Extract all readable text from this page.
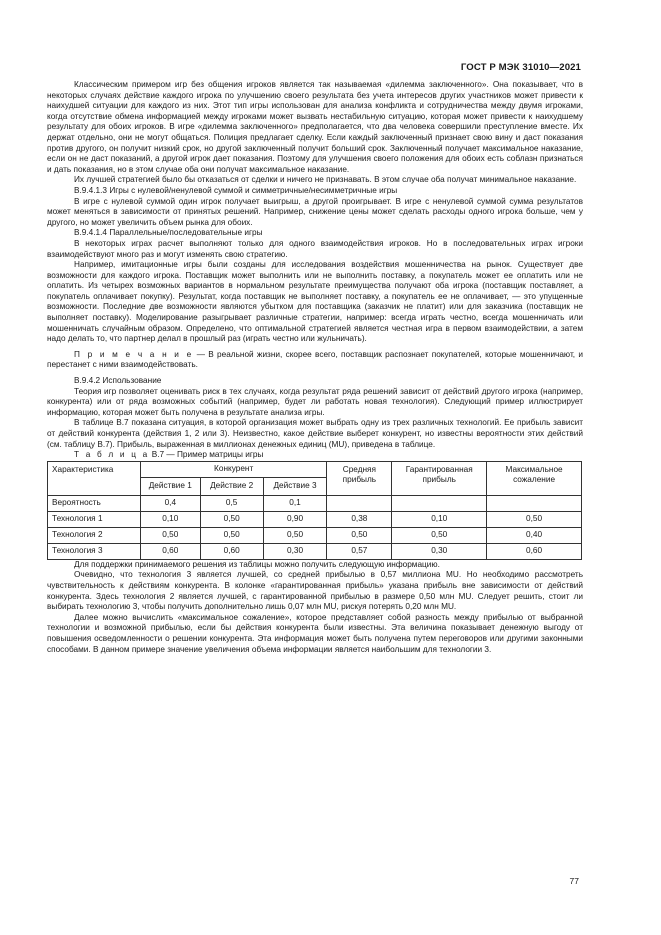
ГОСТ Р МЭК 31010—2021

Классическим примером игр без общения игроков является так называемая «дилемма заключенного». Она показывает, что в некоторых случаях действие каждого игрока по улучшению своего результата без учета интересов других участников может привести к наихудшей ситуации для каждого из них. Этот тип игры использован для анализа конфликта и сотрудничества между двумя игроками, когда отсутствие обмена информацией между игроками может вызвать нестабильную ситуацию, которая может привести к наихудшему результату для обоих игроков. В игре «дилемма заключенного» предполагается, что два человека совершили преступление вместе. Их держат отдельно, они не могут общаться. Полиция предлагает сделку. Если каждый заключенный признает свою вину и даст показания против другого, он получит низкий срок, но другой заключенный получит больший срок. Заключенный получает максимальное наказание, если он не даст показаний, а другой игрок дает показания. Поэтому для улучшения своего положения для обоих есть соблазн признаться и дать показания, но в этом случае оба они получат максимальное наказание.

Их лучшей стратегией было бы отказаться от сделки и ничего не признавать. В этом случае оба получат минимальное наказание.

B.9.4.1.3 Игры с нулевой/ненулевой суммой и симметричные/несимметричные игры

В игре с нулевой суммой один игрок получает выигрыш, а другой проигрывает. В игре с ненулевой суммой сумма результатов может меняться в зависимости от принятых решений. Например, снижение цены может сделать расходы одного игрока больше, чем у другого, но может увеличить объем рынка для обоих.

B.9.4.1.4 Параллельные/последовательные игры

В некоторых играх расчет выполняют только для одного взаимодействия игроков. Но в последовательных играх игроки взаимодействуют много раз и могут изменять свою стратегию.

Например, имитационные игры были созданы для исследования воздействия мошенничества на рынок. Существует две возможности для каждого игрока. Поставщик может выполнить или не выполнить поставку, а покупатель может ее оплатить или не оплатить. Из четырех возможных вариантов в нормальном результате преимущества получают оба игрока (поставщик поставляет, а покупатель оплачивает покупку). Результат, когда поставщик не выполняет поставку, а покупатель ее не оплачивает, — это упущенные возможности. Последние две возможности являются убытком для поставщика (заказчик не платит) или для заказчика (поставщик не выполняет поставку). Моделирование разыгрывает различные стратегии, например: всегда играть честно, всегда мошенничать или мошенничать случайным образом. Определено, что оптимальной стратегией является честная игра в первом взаимодействии, а затем надо делать то, что партнер делал в прошлый раз (играть честно или жульничать).

П р и м е ч а н и е — В реальной жизни, скорее всего, поставщик распознает покупателей, которые мошенничают, и перестанет с ними взаимодействовать.

B.9.4.2 Использование

Теория игр позволяет оценивать риск в тех случаях, когда результат ряда решений зависит от действий другого игрока (например, конкурента) или от ряда возможных событий (например, будет ли работать новая технология). Следующий пример иллюстрирует информацию, которая может быть получена в результате анализа игры.

В таблице B.7 показана ситуация, в которой организация может выбрать одну из трех различных технологий. Ее прибыль зависит от действий конкурента (действия 1, 2 или 3). Неизвестно, какое действие выберет конкурент, но известны вероятности этих действий (см. таблицу B.7). Прибыль, выраженная в миллионах денежных единиц (MU), приведена в таблице.

Т а б л и ц а B.7 — Пример матрицы игры

Характеристика	Конкурент			Средняя прибыль	Гарантированная прибыль	Максимальное сожаление
	Действие 1	Действие 2	Действие 3			
Вероятность	0,4	0,5	0,1			
Технология 1	0,10	0,50	0,90	0,38	0,10	0,50
Технология 2	0,50	0,50	0,50	0,50	0,50	0,40
Технология 3	0,60	0,60	0,30	0,57	0,30	0,60

Для поддержки принимаемого решения из таблицы можно получить следующую информацию.

Очевидно, что технология 3 является лучшей, со средней прибылью в 0,57 миллиона MU. Но необходимо рассмотреть чувствительность к действиям конкурента. В колонке «гарантированная прибыль» указана прибыль вне зависимости от действий конкурента. Здесь технология 2 является лучшей, с гарантированной прибылью в размере 0,50 млн MU. Следует решить, стоит ли выбирать технологию 3, чтобы получить дополнительно лишь 0,07 млн MU, рискуя потерять 0,20 млн MU.

Далее можно вычислить «максимальное сожаление», которое представляет собой разность между прибылью от выбранной технологии и возможной прибылью, если бы действия конкурента были известны. Эта величина показывает денежную выгоду от повышения осведомленности о решении конкурента. Эта информация может быть получена путем переговоров или другими законными способами. В данном примере значение увеличения объема информации является наибольшим для технологии 3.

77
